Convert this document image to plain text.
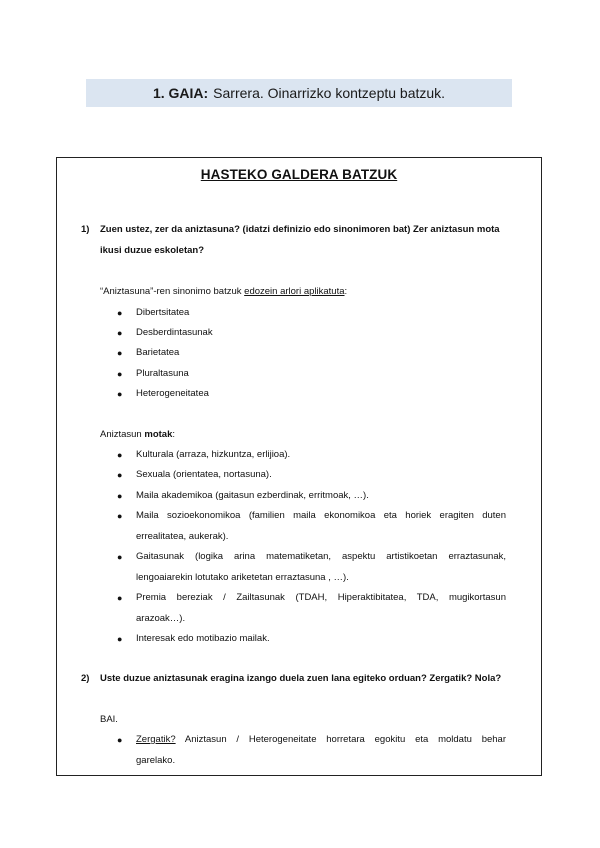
1. GAIA: Sarrera. Oinarrizko kontzeptu batzuk.
HASTEKO GALDERA BATZUK
1) Zuen ustez, zer da aniztasuna? (idatzi definizio edo sinonimoren bat) Zer aniztasun mota
ikusi duzue eskoletan?
“Aniztasuna”-ren sinonimo batzuk edozein arlori aplikatuta:
● Dibertsitatea
● Desberdintasunak
● Barietatea
● Pluraltasuna
● Heterogeneitatea
Aniztasun motak:
● Kulturala (arraza, hizkuntza, erlijioa).
● Sexuala (orientatea, nortasuna).
● Maila akademikoa (gaitasun ezberdinak, erritmoak, …).
● Maila sozioekonomikoa (familien maila ekonomikoa eta horiek eragiten duten
errealitatea, aukerak).
● Gaitasunak (logika arina matematiketan, aspektu artistikoetan erraztasunak,
lengoaiarekin lotutako ariketetan erraztasuna , …).
● Premia bereziak / Zailtasunak (TDAH, Hiperaktibitatea, TDA, mugikortasun
arazoak…).
● Interesak edo motibazio mailak.
2) Uste duzue aniztasunak eragina izango duela zuen lana egiteko orduan? Zergatik? Nola?
BAI.
● Zergatik? Aniztasun / Heterogeneitate horretara egokitu eta moldatu behar
garelako.
